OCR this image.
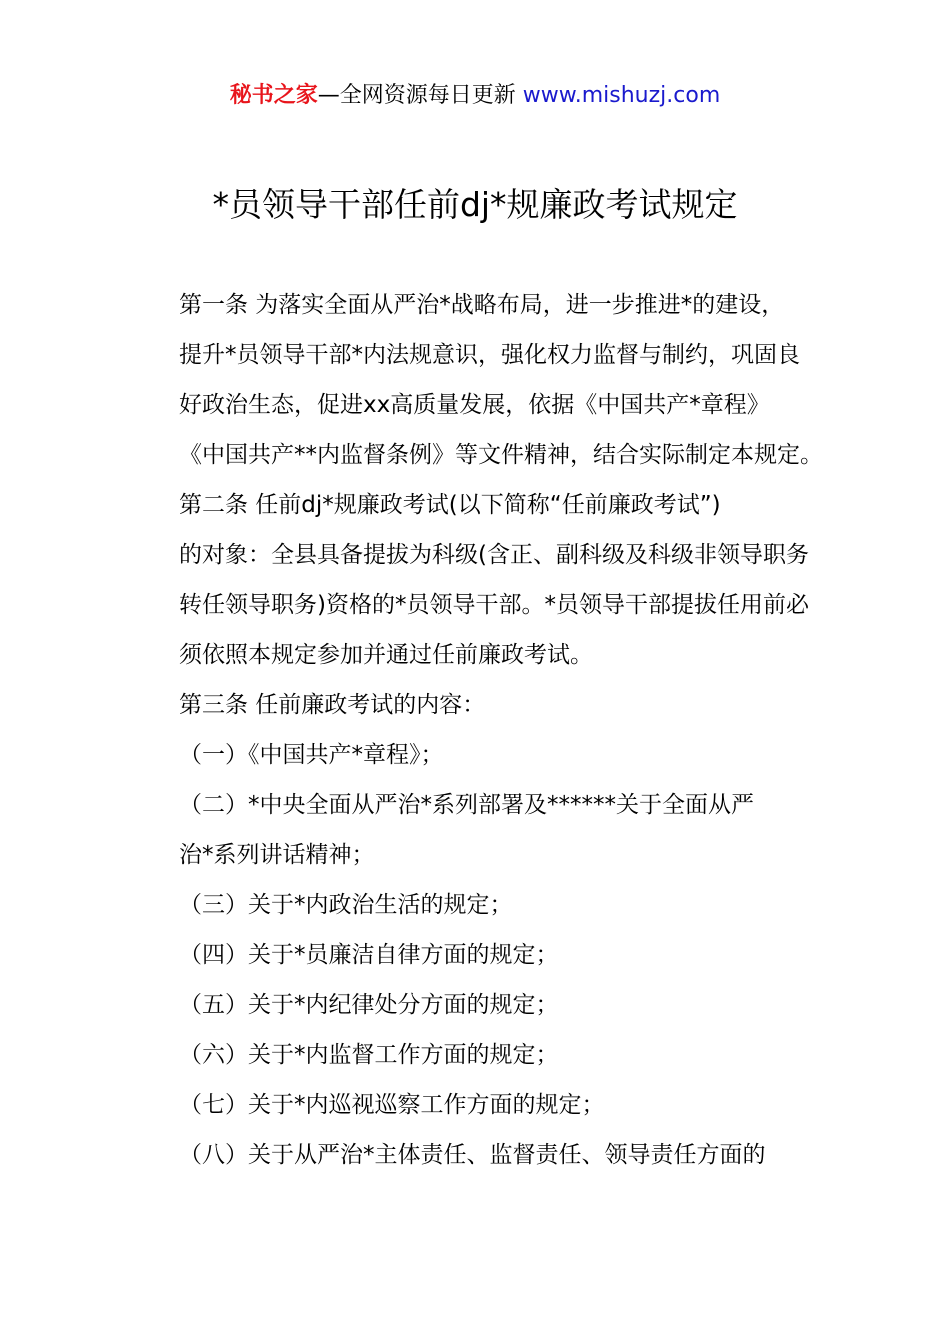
秘书之家—全网资源每日更新 www.mishuzj.com
*员领导干部任前dj*规廉政考试规定

第一条 为落实全面从严治*战略布局，进一步推进*的建设，
提升*员领导干部*内法规意识，强化权力监督与制约，巩固良
好政治生态，促进xx高质量发展，依据《中国共产*章程》
《中国共产**内监督条例》等文件精神，结合实际制定本规定。

第二条 任前dj*规廉政考试(以下简称“任前廉政考试”)
的对象：全县具备提拔为科级(含正、副科级及科级非领导职务
转任领导职务)资格的*员领导干部。*员领导干部提拔任用前必
须依照本规定参加并通过任前廉政考试。

第三条 任前廉政考试的内容：

（一）《中国共产*章程》；

（二）*中央全面从严治*系列部署及******关于全面从严
治*系列讲话精神；

（三）关于*内政治生活的规定；

（四）关于*员廉洁自律方面的规定；

（五）关于*内纪律处分方面的规定；

（六）关于*内监督工作方面的规定；

（七）关于*内巡视巡察工作方面的规定；

（八）关于从严治*主体责任、监督责任、领导责任方面的
